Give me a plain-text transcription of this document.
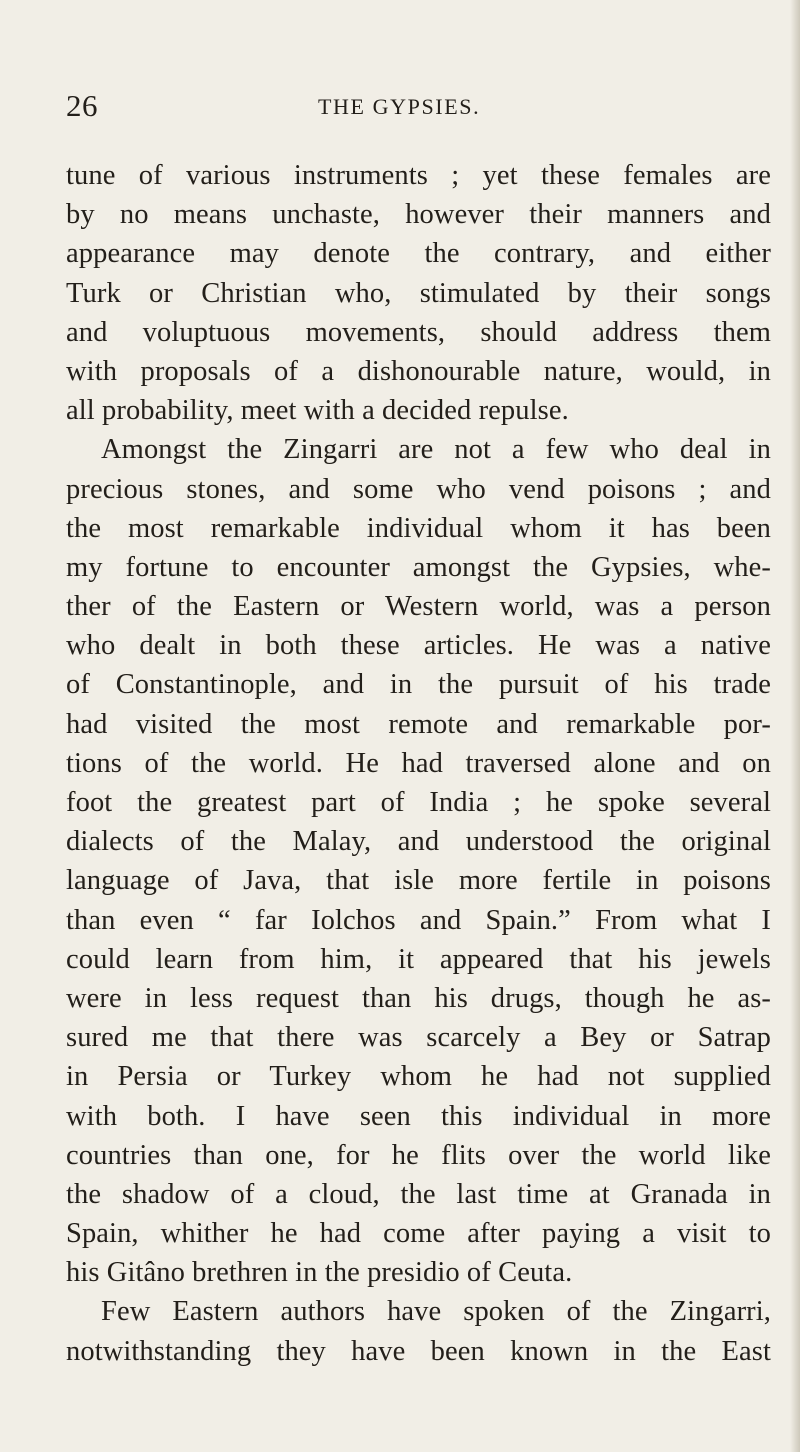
26	THE GYPSIES.
tune of various instruments ; yet these females are
by no means unchaste, however their manners and
appearance may denote the contrary, and either
Turk or Christian who, stimulated by their songs
and voluptuous movements, should address them
with proposals of a dishonourable nature, would, in
all probability, meet with a decided repulse.
Amongst the Zingarri are not a few who deal in
precious stones, and some who vend poisons ; and
the most remarkable individual whom it has been
my fortune to encounter amongst the Gypsies, whe-
ther of the Eastern or Western world, was a person
who dealt in both these articles. He was a native
of Constantinople, and in the pursuit of his trade
had visited the most remote and remarkable por-
tions of the world. He had traversed alone and on
foot the greatest part of India ; he spoke several
dialects of the Malay, and understood the original
language of Java, that isle more fertile in poisons
than even “ far Iolchos and Spain.” From what I
could learn from him, it appeared that his jewels
were in less request than his drugs, though he as-
sured me that there was scarcely a Bey or Satrap
in Persia or Turkey whom he had not supplied
with both. I have seen this individual in more
countries than one, for he flits over the world like
the shadow of a cloud, the last time at Granada in
Spain, whither he had come after paying a visit to
his Gitâno brethren in the presidio of Ceuta.
Few Eastern authors have spoken of the Zingarri,
notwithstanding they have been known in the East
